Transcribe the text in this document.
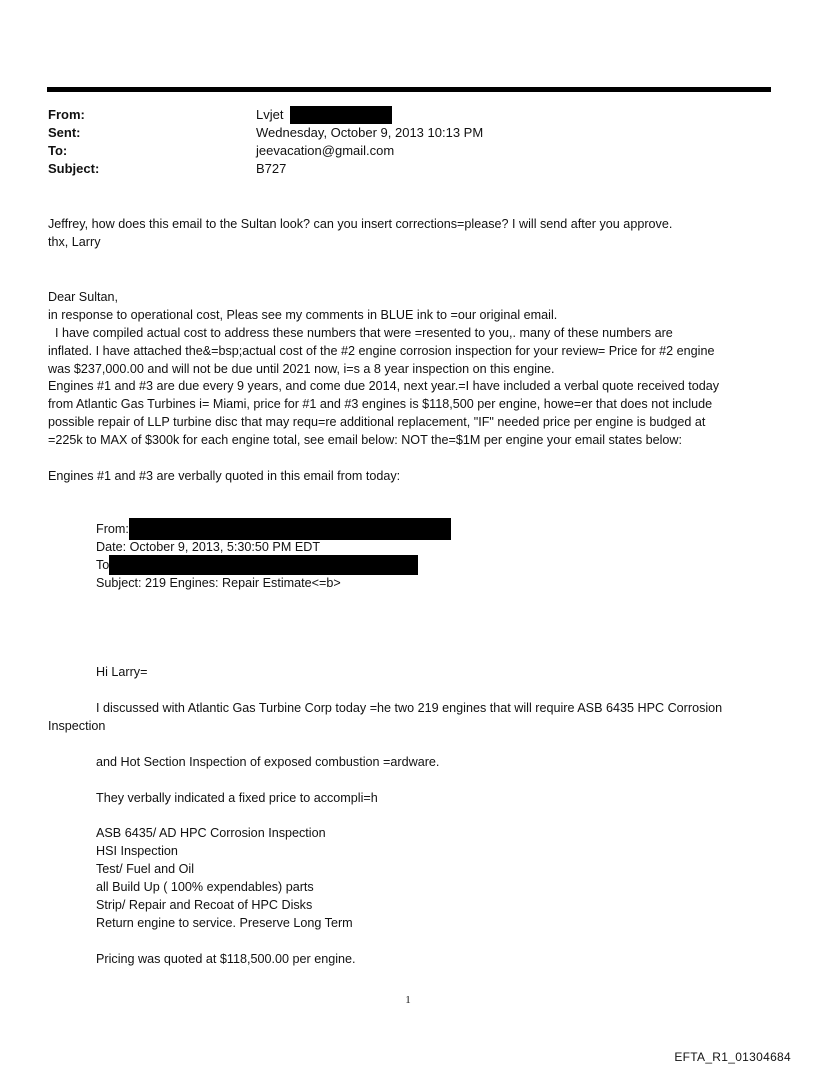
From:	Lvjet
Sent:	Wednesday, October 9, 2013 10:13 PM
To:	jeevacation@gmail.com
Subject:	B727
Jeffrey, how does this email to the Sultan look? can you insert corrections=please? I will send after you approve.
thx, Larry
Dear Sultan,
in response to operational cost, Pleas see my comments in BLUE ink to =our original email.
I have compiled actual cost to address these numbers that were =resented to you,. many of these numbers are
inflated. I have attached the&=bsp;actual cost of the #2 engine corrosion inspection for your review= Price for #2 engine
was $237,000.00 and will not be due until 2021 now, i=s a 8 year inspection on this engine.
Engines #1 and #3 are due every 9 years, and come due 2014, next year.=I have included a verbal quote received today
from Atlantic Gas Turbines i= Miami, price for #1 and #3 engines is $118,500 per engine, howe=er that does not include
possible repair of LLP turbine disc that may requ=re additional replacement, "IF" needed price per engine is budged at
=225k to MAX of $300k for each engine total, see email below: NOT the=$1M per engine your email states below:
Engines #1 and #3 are verbally quoted in this email from today:
From:
Date: October 9, 2013, 5:30:50 PM EDT
To
Subject: 219 Engines: Repair Estimate<=b>
Hi Larry=
I discussed with Atlantic Gas Turbine Corp today =he two 219 engines that will require ASB 6435 HPC Corrosion
Inspection
and Hot Section Inspection of exposed combustion =ardware.
They verbally indicated a fixed price to accompli=h
ASB 6435/ AD HPC Corrosion Inspection
HSI Inspection
Test/ Fuel and Oil
all Build Up ( 100% expendables) parts
Strip/ Repair and Recoat of HPC Disks
Return engine to service. Preserve Long Term
Pricing was quoted at $118,500.00 per engine.
1
EFTA_R1_01304684
